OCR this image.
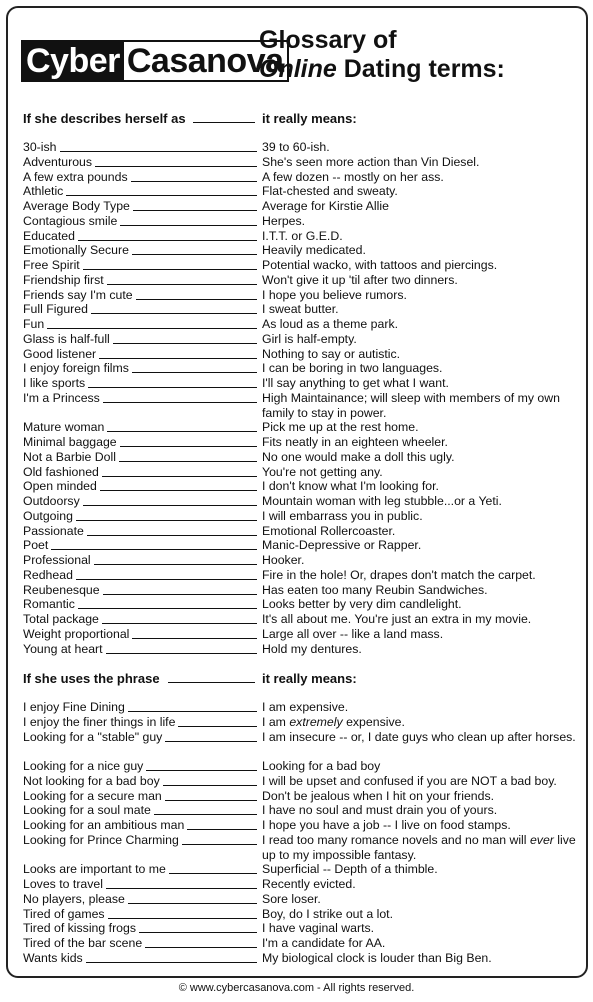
Cyber Casanova
Glossary of
Online Dating terms:
If she describes herself as	it really means:
30-ish	39 to 60-ish.
Adventurous	She's seen more action than Vin Diesel.
A few extra pounds	A few dozen -- mostly on her ass.
Athletic	Flat-chested and sweaty.
Average Body Type	Average for Kirstie Allie
Contagious smile	Herpes.
Educated	I.T.T. or G.E.D.
Emotionally Secure	Heavily medicated.
Free Spirit	Potential wacko, with tattoos and piercings.
Friendship first	Won't give it up 'til after two dinners.
Friends say I'm cute	I hope you believe rumors.
Full Figured	I sweat butter.
Fun	As loud as a theme park.
Glass is half-full	Girl is half-empty.
Good listener	Nothing to say or autistic.
I enjoy foreign films	I can be boring in two languages.
I like sports	I'll say anything to get what I want.
I'm a Princess	High Maintainance; will sleep with members of my own family to stay in power.
Mature woman	Pick me up at the rest home.
Minimal baggage	Fits neatly in an eighteen wheeler.
Not a Barbie Doll	No one would make a doll this ugly.
Old fashioned	You're not getting any.
Open minded	I don't know what I'm looking for.
Outdoorsy	Mountain woman with leg stubble...or a Yeti.
Outgoing	I will embarrass you in public.
Passionate	Emotional Rollercoaster.
Poet	Manic-Depressive or Rapper.
Professional	Hooker.
Redhead	Fire in the hole! Or, drapes don't match the carpet.
Reubenesque	Has eaten too many Reubin Sandwiches.
Romantic	Looks better by very dim candlelight.
Total package	It's all about me. You're just an extra in my movie.
Weight proportional	Large all over -- like a land mass.
Young at heart	Hold my dentures.
If she uses the phrase	it really means:
I enjoy Fine Dining	I am expensive.
I enjoy the finer things in life	I am extremely expensive.
Looking for a "stable" guy	I am insecure -- or, I date guys who clean up after horses.
Looking for a nice guy	Looking for a bad boy
Not looking for a bad boy	I will be upset and confused if you are NOT a bad boy.
Looking for a secure man	Don't be jealous when I hit on your friends.
Looking for a soul mate	I have no soul and must drain you of yours.
Looking for an ambitious man	I hope you have a job -- I live on food stamps.
Looking for Prince Charming	I read too many romance novels and no man will ever live up to my impossible fantasy.
Looks are important to me	Superficial -- Depth of a thimble.
Loves to travel	Recently evicted.
No players, please	Sore loser.
Tired of games	Boy, do I strike out a lot.
Tired of kissing frogs	I have vaginal warts.
Tired of the bar scene	I'm a candidate for AA.
Wants kids	My biological clock is louder than Big Ben.
© www.cybercasanova.com - All rights reserved.
